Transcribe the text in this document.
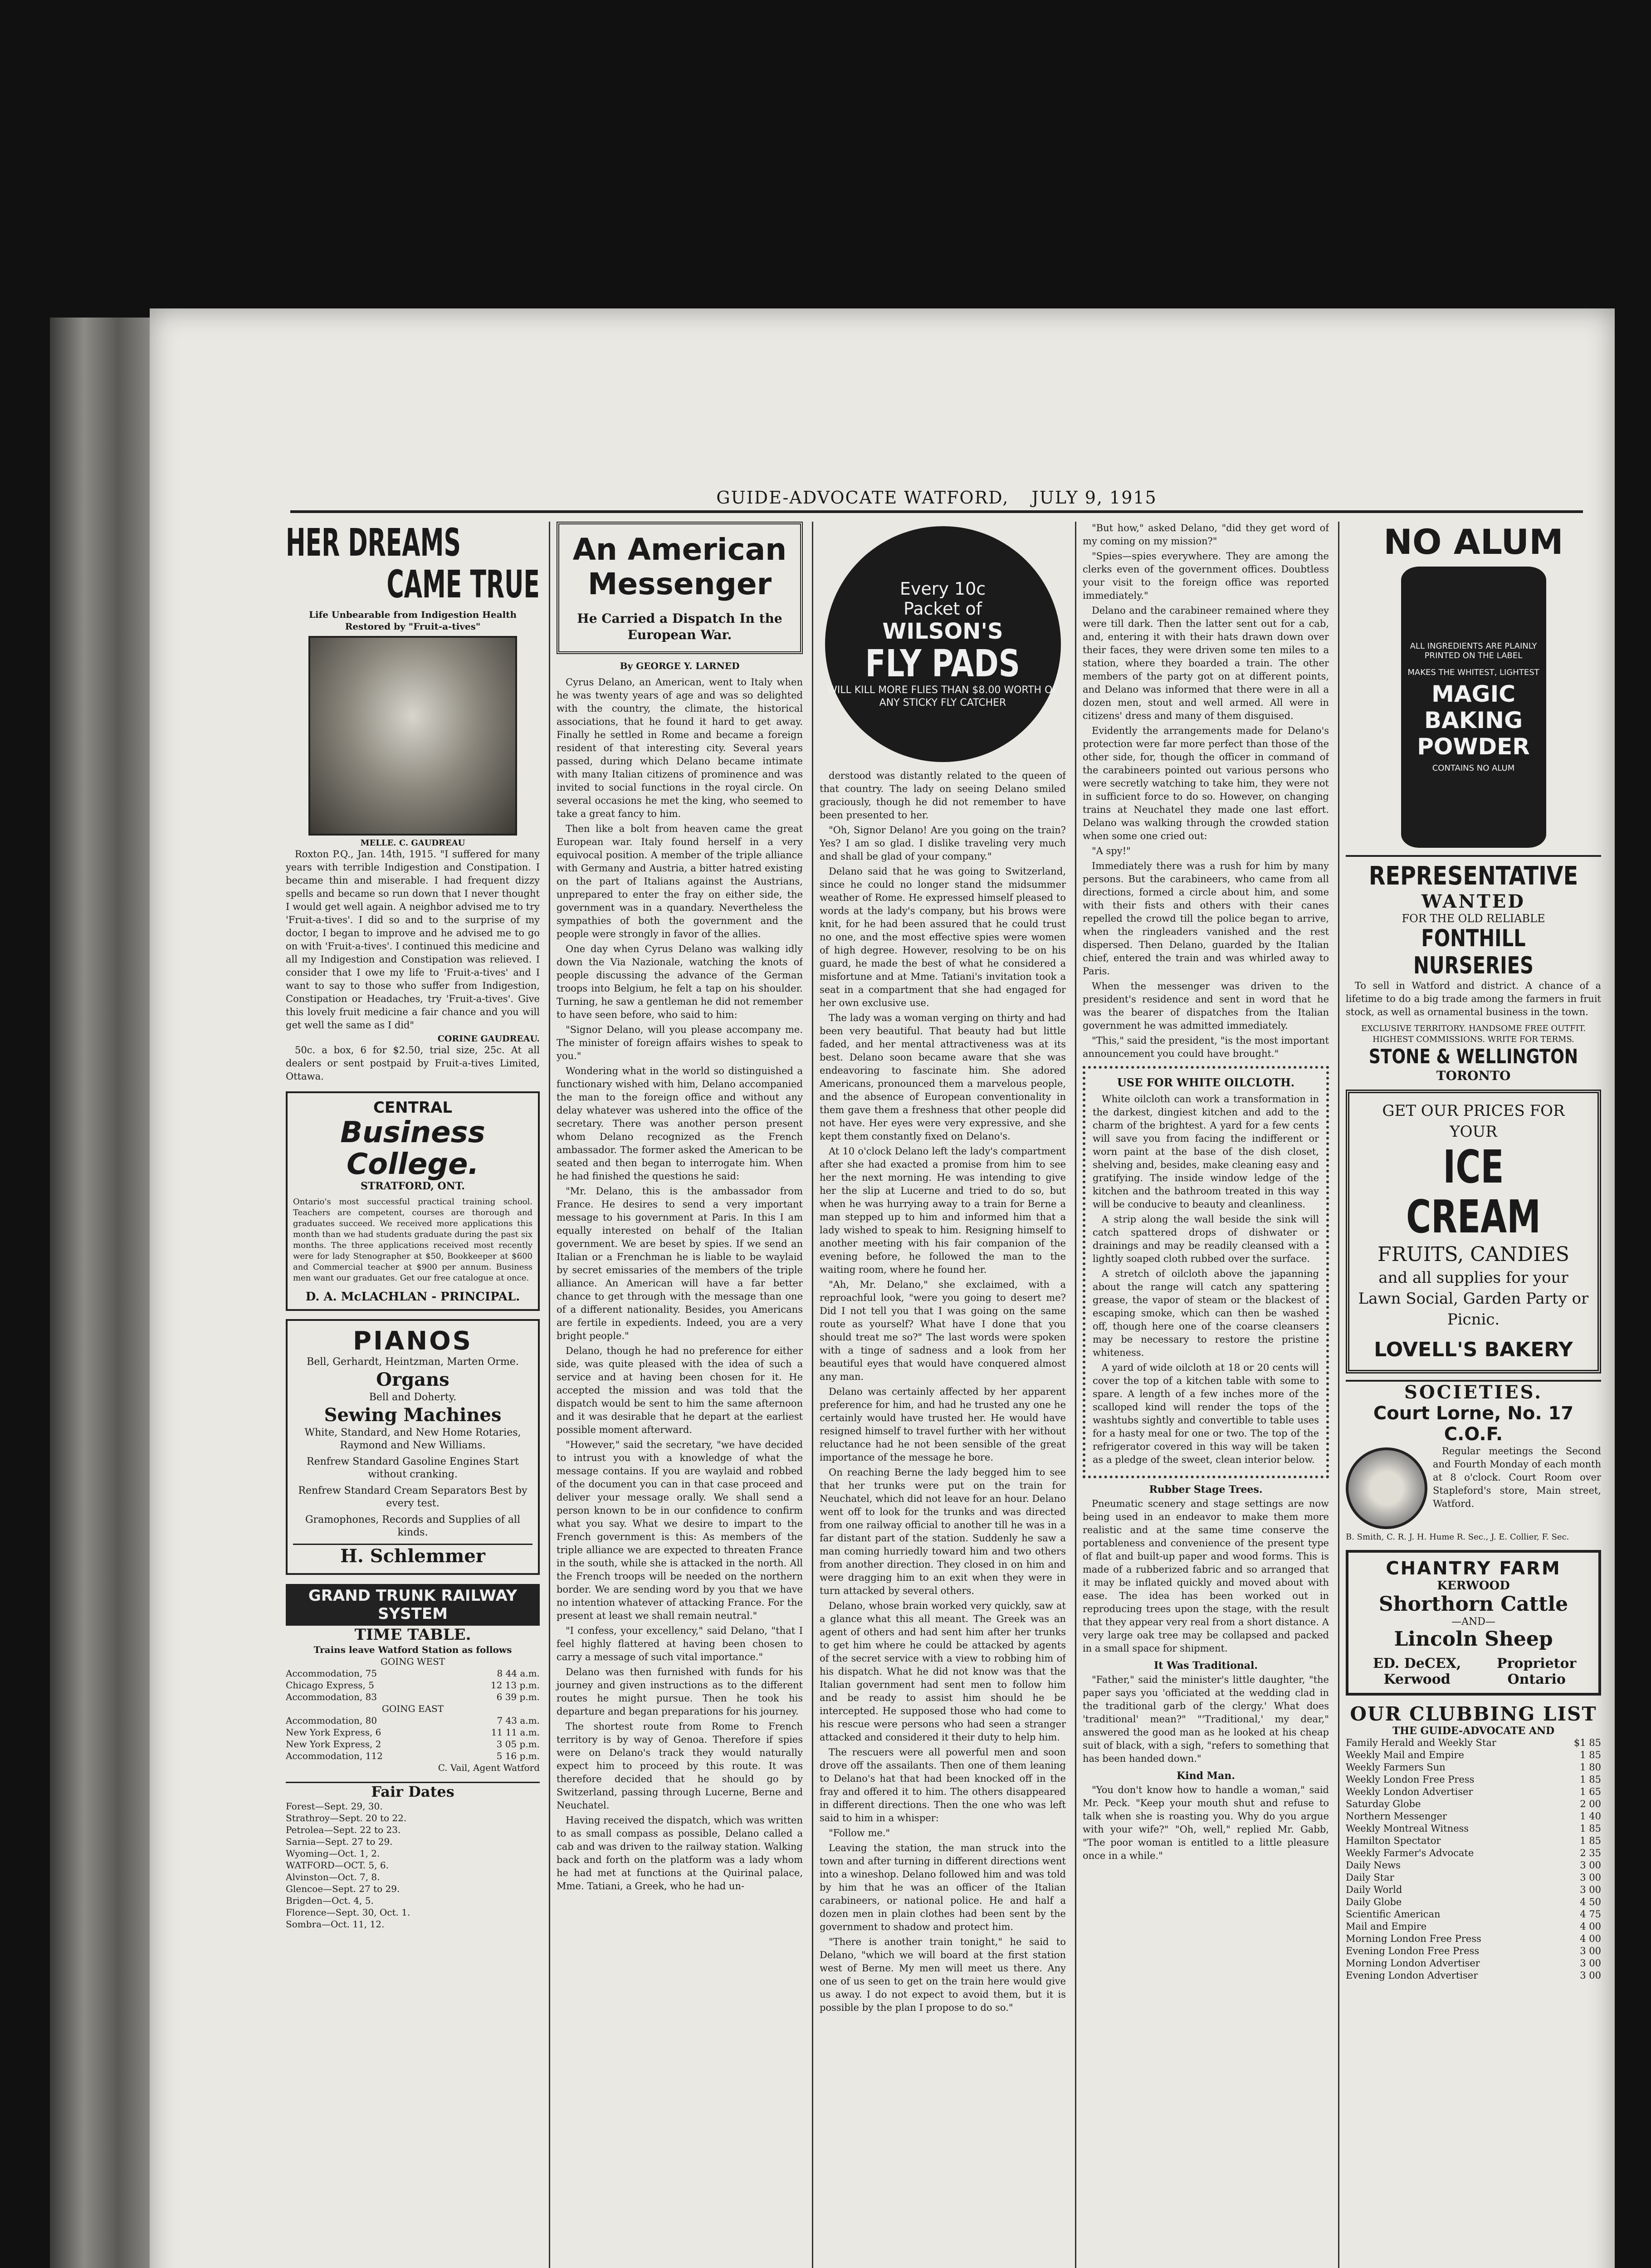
GUIDE-ADVOCATE WATFORD, JULY 9, 1915
HER DREAMS
CAME TRUE
Life Unbearable from Indigestion Health Restored by "Fruit-a-tives"
MELLE. C. GAUDREAU

Roxton P.Q., Jan. 14th, 1915. "I suffered for many years with terrible Indigestion and Constipation. I became thin and miserable. I had frequent dizzy spells and became so run down that I never thought I would get well again. A neighbor advised me to try 'Fruit-a-tives'. I did so and to the surprise of my doctor, I began to improve and he advised me to go on with 'Fruit-a-tives'. I continued this medicine and all my Indigestion and Constipation was relieved. I consider that I owe my life to 'Fruit-a-tives' and I want to say to those who suffer from Indigestion, Constipation or Headaches, try 'Fruit-a-tives'. Give this lovely fruit medicine a fair chance and you will get well the same as I did"

CORINE GAUDREAU.

50c. a box, 6 for $2.50, trial size, 25c. At all dealers or sent postpaid by Fruit-a-tives Limited, Ottawa.

CENTRAL
Business College.
STRATFORD, ONT.
Ontario's most successful practical training school. Teachers are competent, courses are thorough and graduates succeed. We received more applications this month than we had students graduate during the past six months. The three applications received most recently were for lady Stenographer at $50, Bookkeeper at $600 and Commercial teacher at $900 per annum. Business men want our graduates. Get our free catalogue at once.
D. A. McLACHLAN - PRINCIPAL.
PIANOS
Bell, Gerhardt, Heintzman, Marten Orme.
Organs
Bell and Doherty.
Sewing Machines
White, Standard, and New Home Rotaries, Raymond and New Williams.
Renfrew Standard Gasoline Engines Start without cranking.
Renfrew Standard Cream Separators Best by every test.
Gramophones, Records and Supplies of all kinds.
H. Schlemmer
GRAND TRUNK RAILWAY SYSTEM
TIME TABLE.
Trains leave Watford Station as follows
GOING WEST
Accommodation, 75	8 44 a.m.
Chicago Express, 5	12 13 p.m.
Accommodation, 83	6 39 p.m.
GOING EAST
Accommodation, 80	7 43 a.m.
New York Express, 6	11 11 a.m.
New York Express, 2	3 05 p.m.
Accommodation, 112	5 16 p.m.
C. Vail, Agent Watford
Fair Dates
Forest—Sept. 29, 30.
Strathroy—Sept. 20 to 22.
Petrolea—Sept. 22 to 23.
Sarnia—Sept. 27 to 29.
Wyoming—Oct. 1, 2.
WATFORD—OCT. 5, 6.
Alvinston—Oct. 7, 8.
Glencoe—Sept. 27 to 29.
Brigden—Oct. 4, 5.
Florence—Sept. 30, Oct. 1.
Sombra—Oct. 11, 12.
An American Messenger
He Carried a Dispatch In the European War.
By GEORGE Y. LARNED

Cyrus Delano, an American, went to Italy when he was twenty years of age and was so delighted with the country, the climate, the historical associations, that he found it hard to get away. Finally he settled in Rome and became a foreign resident of that interesting city. Several years passed, during which Delano became intimate with many Italian citizens of prominence and was invited to social functions in the royal circle. On several occasions he met the king, who seemed to take a great fancy to him.

Then like a bolt from heaven came the great European war. Italy found herself in a very equivocal position. A member of the triple alliance with Germany and Austria, a bitter hatred existing on the part of Italians against the Austrians, unprepared to enter the fray on either side, the government was in a quandary. Nevertheless the sympathies of both the government and the people were strongly in favor of the allies.

One day when Cyrus Delano was walking idly down the Via Nazionale, watching the knots of people discussing the advance of the German troops into Belgium, he felt a tap on his shoulder. Turning, he saw a gentleman he did not remember to have seen before, who said to him:

"Signor Delano, will you please accompany me. The minister of foreign affairs wishes to speak to you."

Wondering what in the world so distinguished a functionary wished with him, Delano accompanied the man to the foreign office and without any delay whatever was ushered into the office of the secretary. There was another person present whom Delano recognized as the French ambassador. The former asked the American to be seated and then began to interrogate him. When he had finished the questions he said:

"Mr. Delano, this is the ambassador from France. He desires to send a very important message to his government at Paris. In this I am equally interested on behalf of the Italian government. We are beset by spies. If we send an Italian or a Frenchman he is liable to be waylaid by secret emissaries of the members of the triple alliance. An American will have a far better chance to get through with the message than one of a different nationality. Besides, you Americans are fertile in expedients. Indeed, you are a very bright people."

Delano, though he had no preference for either side, was quite pleased with the idea of such a service and at having been chosen for it. He accepted the mission and was told that the dispatch would be sent to him the same afternoon and it was desirable that he depart at the earliest possible moment afterward.

"However," said the secretary, "we have decided to intrust you with a knowledge of what the message contains. If you are waylaid and robbed of the document you can in that case proceed and deliver your message orally. We shall send a person known to be in our confidence to confirm what you say. What we desire to impart to the French government is this: As members of the triple alliance we are expected to threaten France in the south, while she is attacked in the north. All the French troops will be needed on the northern border. We are sending word by you that we have no intention whatever of attacking France. For the present at least we shall remain neutral."

"I confess, your excellency," said Delano, "that I feel highly flattered at having been chosen to carry a message of such vital importance."

Delano was then furnished with funds for his journey and given instructions as to the different routes he might pursue. Then he took his departure and began preparations for his journey.

The shortest route from Rome to French territory is by way of Genoa. Therefore if spies were on Delano's track they would naturally expect him to proceed by this route. It was therefore decided that he should go by Switzerland, passing through Lucerne, Berne and Neuchatel.

Having received the dispatch, which was written to as small compass as possible, Delano called a cab and was driven to the railway station. Walking back and forth on the platform was a lady whom he had met at functions at the Quirinal palace, Mme. Tatiani, a Greek, who he had un-

Every 10c
Packet of
WILSON'S
FLY PADS
WILL KILL MORE FLIES THAN $8.00 WORTH OF ANY STICKY FLY CATCHER

derstood was distantly related to the queen of that country. The lady on seeing Delano smiled graciously, though he did not remember to have been presented to her.

"Oh, Signor Delano! Are you going on the train? Yes? I am so glad. I dislike traveling very much and shall be glad of your company."

Delano said that he was going to Switzerland, since he could no longer stand the midsummer weather of Rome. He expressed himself pleased to words at the lady's company, but his brows were knit, for he had been assured that he could trust no one, and the most effective spies were women of high degree. However, resolving to be on his guard, he made the best of what he considered a misfortune and at Mme. Tatiani's invitation took a seat in a compartment that she had engaged for her own exclusive use.

The lady was a woman verging on thirty and had been very beautiful. That beauty had but little faded, and her mental attractiveness was at its best. Delano soon became aware that she was endeavoring to fascinate him. She adored Americans, pronounced them a marvelous people, and the absence of European conventionality in them gave them a freshness that other people did not have. Her eyes were very expressive, and she kept them constantly fixed on Delano's.

At 10 o'clock Delano left the lady's compartment after she had exacted a promise from him to see her the next morning. He was intending to give her the slip at Lucerne and tried to do so, but when he was hurrying away to a train for Berne a man stepped up to him and informed him that a lady wished to speak to him. Resigning himself to another meeting with his fair companion of the evening before, he followed the man to the waiting room, where he found her.

"Ah, Mr. Delano," she exclaimed, with a reproachful look, "were you going to desert me? Did I not tell you that I was going on the same route as yourself? What have I done that you should treat me so?" The last words were spoken with a tinge of sadness and a look from her beautiful eyes that would have conquered almost any man.

Delano was certainly affected by her apparent preference for him, and had he trusted any one he certainly would have trusted her. He would have resigned himself to travel further with her without reluctance had he not been sensible of the great importance of the message he bore.

On reaching Berne the lady begged him to see that her trunks were put on the train for Neuchatel, which did not leave for an hour. Delano went off to look for the trunks and was directed from one railway official to another till he was in a far distant part of the station. Suddenly he saw a man coming hurriedly toward him and two others from another direction. They closed in on him and were dragging him to an exit when they were in turn attacked by several others.

Delano, whose brain worked very quickly, saw at a glance what this all meant. The Greek was an agent of others and had sent him after her trunks to get him where he could be attacked by agents of the secret service with a view to robbing him of his dispatch. What he did not know was that the Italian government had sent men to follow him and be ready to assist him should he be intercepted. He supposed those who had come to his rescue were persons who had seen a stranger attacked and considered it their duty to help him.

The rescuers were all powerful men and soon drove off the assailants. Then one of them leaning to Delano's hat that had been knocked off in the fray and offered it to him. The others disappeared in different directions. Then the one who was left said to him in a whisper:

"Follow me."

Leaving the station, the man struck into the town and after turning in different directions went into a wineshop. Delano followed him and was told by him that he was an officer of the Italian carabineers, or national police. He and half a dozen men in plain clothes had been sent by the government to shadow and protect him.

"There is another train tonight," he said to Delano, "which we will board at the first station west of Berne. My men will meet us there. Any one of us seen to get on the train here would give us away. I do not expect to avoid them, but it is possible by the plan I propose to do so."

"But how," asked Delano, "did they get word of my coming on my mission?"

"Spies—spies everywhere. They are among the clerks even of the government offices. Doubtless your visit to the foreign office was reported immediately."

Delano and the carabineer remained where they were till dark. Then the latter sent out for a cab, and, entering it with their hats drawn down over their faces, they were driven some ten miles to a station, where they boarded a train. The other members of the party got on at different points, and Delano was informed that there were in all a dozen men, stout and well armed. All were in citizens' dress and many of them disguised.

Evidently the arrangements made for Delano's protection were far more perfect than those of the other side, for, though the officer in command of the carabineers pointed out various persons who were secretly watching to take him, they were not in sufficient force to do so. However, on changing trains at Neuchatel they made one last effort. Delano was walking through the crowded station when some one cried out:

"A spy!"

Immediately there was a rush for him by many persons. But the carabineers, who came from all directions, formed a circle about him, and some with their fists and others with their canes repelled the crowd till the police began to arrive, when the ringleaders vanished and the rest dispersed. Then Delano, guarded by the Italian chief, entered the train and was whirled away to Paris.

When the messenger was driven to the president's residence and sent in word that he was the bearer of dispatches from the Italian government he was admitted immediately.

"This," said the president, "is the most important announcement you could have brought."

USE FOR WHITE OILCLOTH.

White oilcloth can work a transformation in the darkest, dingiest kitchen and add to the charm of the brightest. A yard for a few cents will save you from facing the indifferent or worn paint at the base of the dish closet, shelving and, besides, make cleaning easy and gratifying. The inside window ledge of the kitchen and the bathroom treated in this way will be conducive to beauty and cleanliness.

A strip along the wall beside the sink will catch spattered drops of dishwater or drainings and may be readily cleansed with a lightly soaped cloth rubbed over the surface.

A stretch of oilcloth above the japanning about the range will catch any spattering grease, the vapor of steam or the blackest of escaping smoke, which can then be washed off, though here one of the coarse cleansers may be necessary to restore the pristine whiteness.

A yard of wide oilcloth at 18 or 20 cents will cover the top of a kitchen table with some to spare. A length of a few inches more of the scalloped kind will render the tops of the washtubs sightly and convertible to table uses for a hasty meal for one or two. The top of the refrigerator covered in this way will be taken as a pledge of the sweet, clean interior below.

Rubber Stage Trees.

Pneumatic scenery and stage settings are now being used in an endeavor to make them more realistic and at the same time conserve the portableness and convenience of the present type of flat and built-up paper and wood forms. This is made of a rubberized fabric and so arranged that it may be inflated quickly and moved about with ease. The idea has been worked out in reproducing trees upon the stage, with the result that they appear very real from a short distance. A very large oak tree may be collapsed and packed in a small space for shipment.

It Was Traditional.

"Father," said the minister's little daughter, "the paper says you 'officiated at the wedding clad in the traditional garb of the clergy.' What does 'traditional' mean?" "'Traditional,' my dear," answered the good man as he looked at his cheap suit of black, with a sigh, "refers to something that has been handed down."

Kind Man.

"You don't know how to handle a woman," said Mr. Peck. "Keep your mouth shut and refuse to talk when she is roasting you. Why do you argue with your wife?" "Oh, well," replied Mr. Gabb, "The poor woman is entitled to a little pleasure once in a while."

NO ALUM
ALL INGREDIENTS ARE PLAINLY PRINTED ON THE LABEL
MAKES THE WHITEST, LIGHTEST
MAGIC BAKING POWDER
CONTAINS NO ALUM
REPRESENTATIVE
WANTED
FOR THE OLD RELIABLE
FONTHILL NURSERIES

To sell in Watford and district. A chance of a lifetime to do a big trade among the farmers in fruit stock, as well as ornamental business in the town.

EXCLUSIVE TERRITORY. HANDSOME FREE OUTFIT. HIGHEST COMMISSIONS. WRITE FOR TERMS.
STONE & WELLINGTON
TORONTO
GET OUR PRICES FOR YOUR
ICE CREAM
FRUITS, CANDIES
and all supplies for your Lawn Social, Garden Party or Picnic.
LOVELL'S BAKERY
SOCIETIES.
Court Lorne, No. 17 C.O.F.

Regular meetings the Second and Fourth Monday of each month at 8 o'clock. Court Room over Stapleford's store, Main street, Watford.

B. Smith, C. R. J. H. Hume R. Sec., J. E. Collier, F. Sec.
CHANTRY FARM
KERWOOD
Shorthorn Cattle
—AND—
Lincoln Sheep
ED. DeCEX, Kerwood
Proprietor Ontario
OUR CLUBBING LIST
THE GUIDE-ADVOCATE AND
Family Herald and Weekly Star	$1 85
Weekly Mail and Empire	1 85
Weekly Farmers Sun	1 80
Weekly London Free Press	1 85
Weekly London Advertiser	1 65
Saturday Globe	2 00
Northern Messenger	1 40
Weekly Montreal Witness	1 85
Hamilton Spectator	1 85
Weekly Farmer's Advocate	2 35
Daily News	3 00
Daily Star	3 00
Daily World	3 00
Daily Globe	4 50
Scientific American	4 75
Mail and Empire	4 00
Morning London Free Press	4 00
Evening London Free Press	3 00
Morning London Advertiser	3 00
Evening London Advertiser	3 00
